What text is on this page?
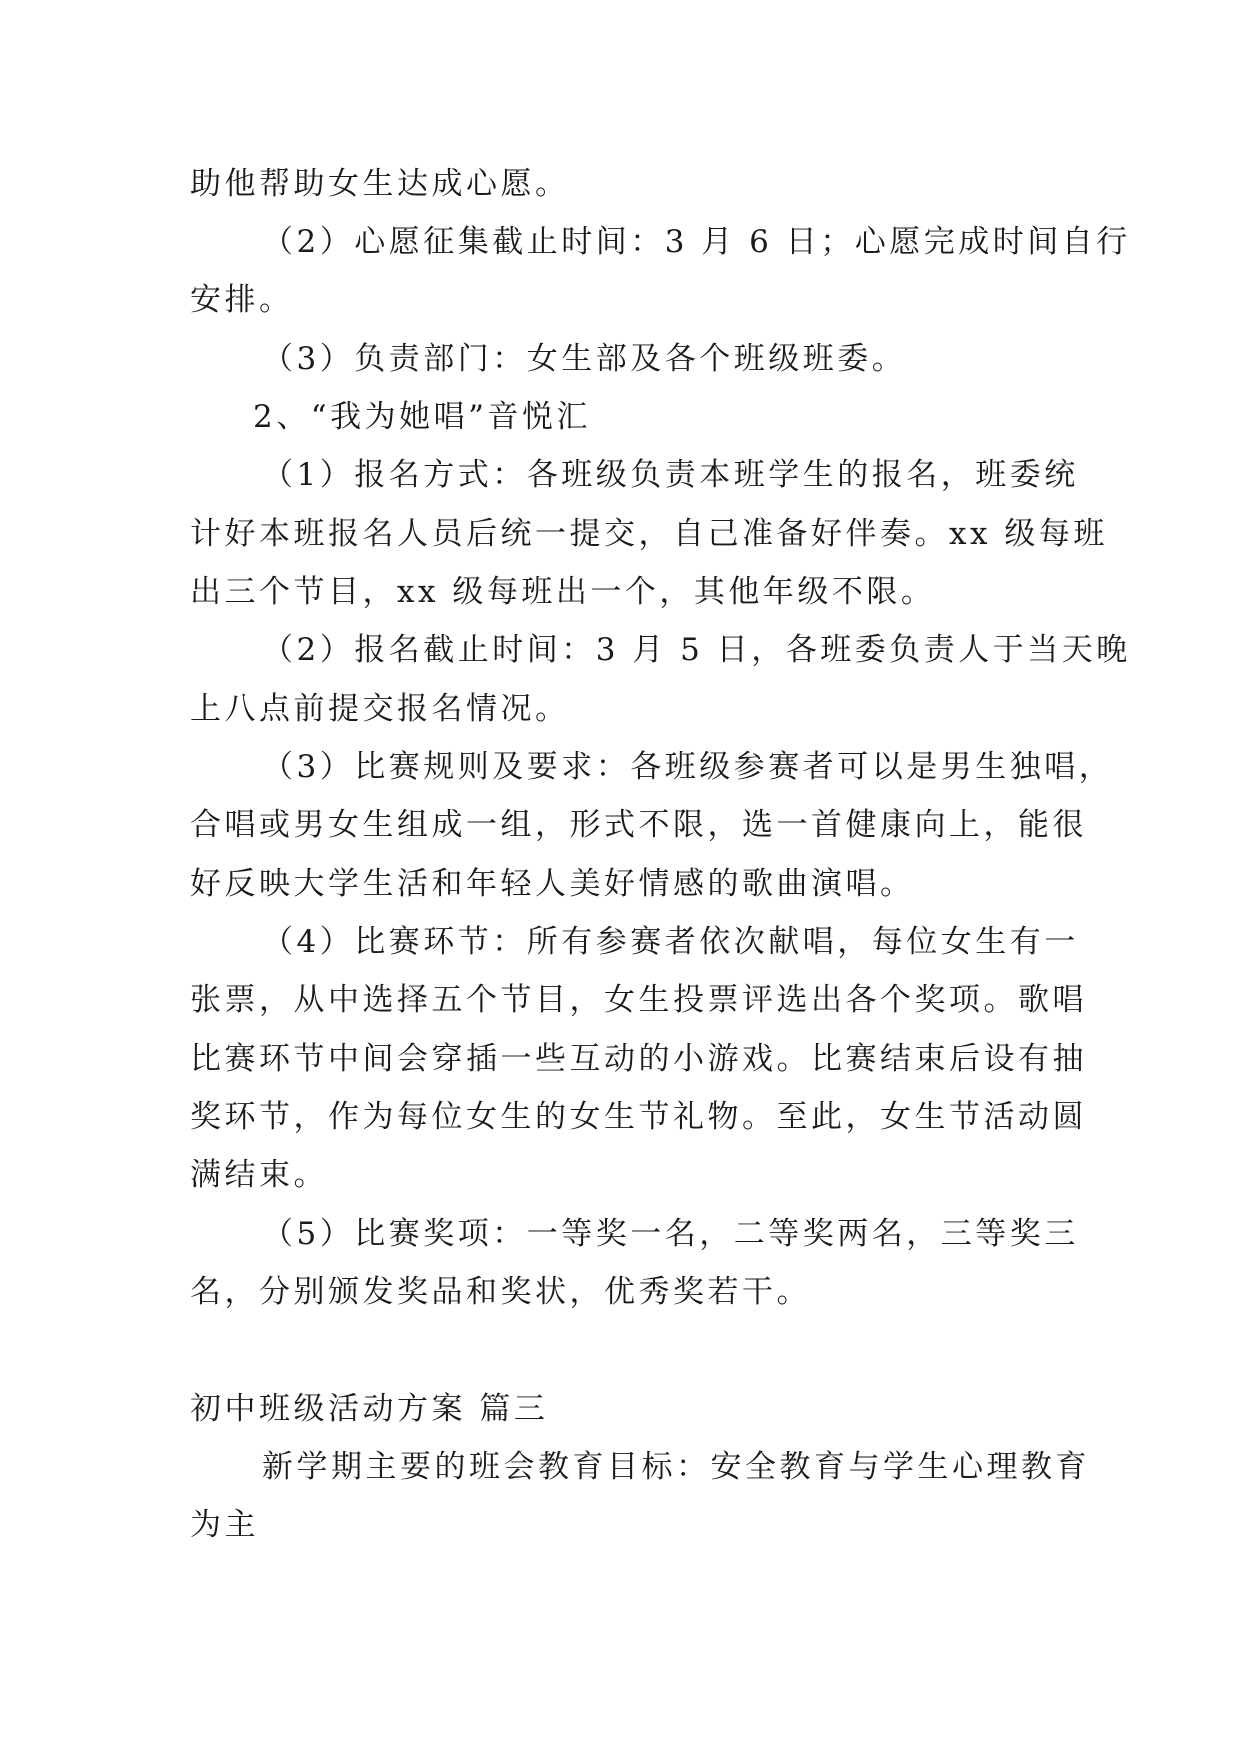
助他帮助女生达成心愿。
（2）心愿征集截止时间：3 月 6 日；心愿完成时间自行
安排。
（3）负责部门：女生部及各个班级班委。
2、“我为她唱”音悦汇
（1）报名方式：各班级负责本班学生的报名，班委统
计好本班报名人员后统一提交，自己准备好伴奏。xx 级每班
出三个节目，xx 级每班出一个，其他年级不限。
（2）报名截止时间：3 月 5 日，各班委负责人于当天晚
上八点前提交报名情况。
（3）比赛规则及要求：各班级参赛者可以是男生独唱，
合唱或男女生组成一组，形式不限，选一首健康向上，能很
好反映大学生活和年轻人美好情感的歌曲演唱。
（4）比赛环节：所有参赛者依次献唱，每位女生有一
张票，从中选择五个节目，女生投票评选出各个奖项。歌唱
比赛环节中间会穿插一些互动的小游戏。比赛结束后设有抽
奖环节，作为每位女生的女生节礼物。至此，女生节活动圆
满结束。
（5）比赛奖项：一等奖一名，二等奖两名，三等奖三
名，分别颁发奖品和奖状，优秀奖若干。
初中班级活动方案 篇三
新学期主要的班会教育目标：安全教育与学生心理教育
为主
